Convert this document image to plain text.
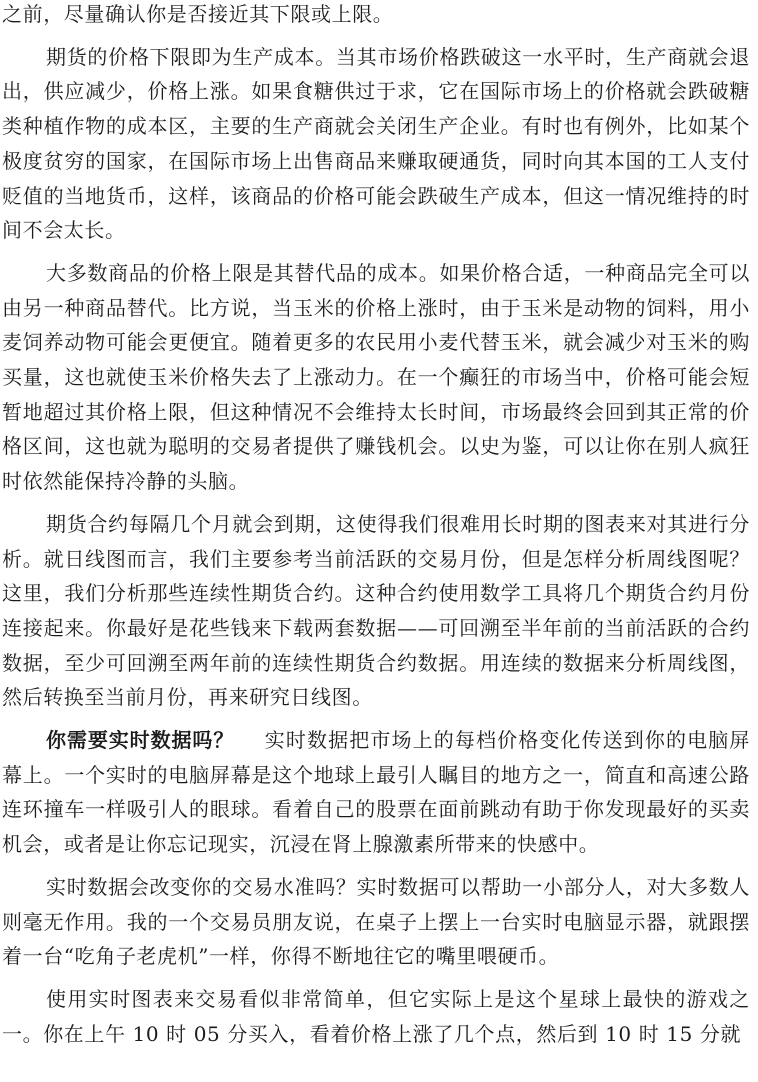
之前，尽量确认你是否接近其下限或上限。

期货的价格下限即为生产成本。当其市场价格跌破这一水平时，生产商就会退出，供应减少，价格上涨。如果食糖供过于求，它在国际市场上的价格就会跌破糖类种植作物的成本区，主要的生产商就会关闭生产企业。有时也有例外，比如某个极度贫穷的国家，在国际市场上出售商品来赚取硬通货，同时向其本国的工人支付贬值的当地货币，这样，该商品的价格可能会跌破生产成本，但这一情况维持的时间不会太长。

大多数商品的价格上限是其替代品的成本。如果价格合适，一种商品完全可以由另一种商品替代。比方说，当玉米的价格上涨时，由于玉米是动物的饲料，用小麦饲养动物可能会更便宜。随着更多的农民用小麦代替玉米，就会减少对玉米的购买量，这也就使玉米价格失去了上涨动力。在一个癫狂的市场当中，价格可能会短暂地超过其价格上限，但这种情况不会维持太长时间，市场最终会回到其正常的价格区间，这也就为聪明的交易者提供了赚钱机会。以史为鉴，可以让你在别人疯狂时依然能保持冷静的头脑。

期货合约每隔几个月就会到期，这使得我们很难用长时期的图表来对其进行分析。就日线图而言，我们主要参考当前活跃的交易月份，但是怎样分析周线图呢？这里，我们分析那些连续性期货合约。这种合约使用数学工具将几个期货合约月份连接起来。你最好是花些钱来下载两套数据——可回溯至半年前的当前活跃的合约数据，至少可回溯至两年前的连续性期货合约数据。用连续的数据来分析周线图，然后转换至当前月份，再来研究日线图。

你需要实时数据吗？ 实时数据把市场上的每档价格变化传送到你的电脑屏幕上。一个实时的电脑屏幕是这个地球上最引人瞩目的地方之一，简直和高速公路连环撞车一样吸引人的眼球。看着自己的股票在面前跳动有助于你发现最好的买卖机会，或者是让你忘记现实，沉浸在肾上腺激素所带来的快感中。

实时数据会改变你的交易水准吗？实时数据可以帮助一小部分人，对大多数人则毫无作用。我的一个交易员朋友说，在桌子上摆上一台实时电脑显示器，就跟摆着一台“吃角子老虎机”一样，你得不断地往它的嘴里喂硬币。

使用实时图表来交易看似非常简单，但它实际上是这个星球上最快的游戏之一。你在上午 10 时 05 分买入，看着价格上涨了几个点，然后到 10 时 15 分就
